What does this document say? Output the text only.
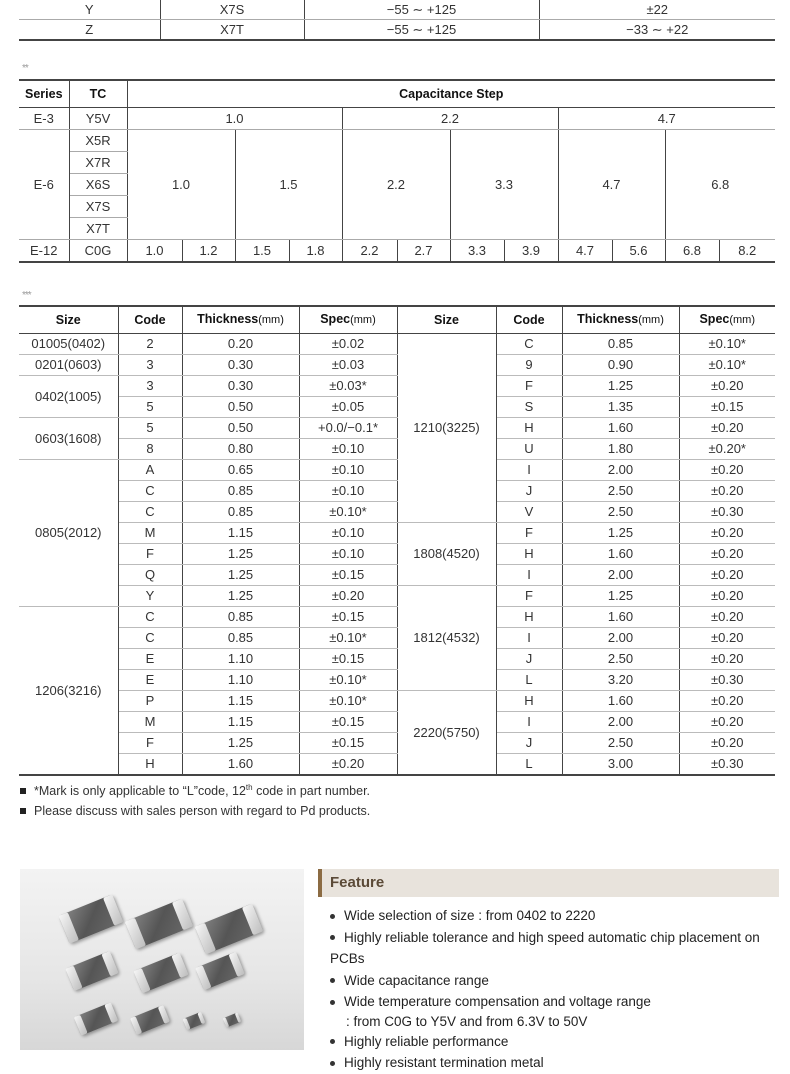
Y	X7S	−55 ∼ +125	±22
Z	X7T	−55 ∼ +125	−33 ∼ +22
**
Series	TC	Capacitance Step											
E-3	Y5V	1.0				2.2				4.7			
E-6	X5R	1.0		1.5		2.2		3.3		4.7		6.8	
	X7R												
	X6S												
	X7S												
	X7T												
E-12	C0G	1.0	1.2	1.5	1.8	2.2	2.7	3.3	3.9	4.7	5.6	6.8	8.2
***
Size	Code	Thickness(mm)	Spec(mm)	Size	Code	Thickness(mm)	Spec(mm)
01005(0402)	2	0.20	±0.02	1210(3225)	C	0.85	±0.10*
0201(0603)	3	0.30	±0.03		9	0.90	±0.10*
0402(1005)	3	0.30	±0.03*		F	1.25	±0.20
	5	0.50	±0.05		S	1.35	±0.15
0603(1608)	5	0.50	+0.0/−0.1*		H	1.60	±0.20
	8	0.80	±0.10		U	1.80	±0.20*
0805(2012)	A	0.65	±0.10		I	2.00	±0.20
	C	0.85	±0.10		J	2.50	±0.20
	C	0.85	±0.10*		V	2.50	±0.30
	M	1.15	±0.10	1808(4520)	F	1.25	±0.20
	F	1.25	±0.10		H	1.60	±0.20
	Q	1.25	±0.15		I	2.00	±0.20
	Y	1.25	±0.20	1812(4532)	F	1.25	±0.20
1206(3216)	C	0.85	±0.15		H	1.60	±0.20
	C	0.85	±0.10*		I	2.00	±0.20
	E	1.10	±0.15		J	2.50	±0.20
	E	1.10	±0.10*		L	3.20	±0.30
	P	1.15	±0.10*	2220(5750)	H	1.60	±0.20
	M	1.15	±0.15		I	2.00	±0.20
	F	1.25	±0.15		J	2.50	±0.20
	H	1.60	±0.20		L	3.00	±0.30
*Mark is only applicable to “L”code, 12th code in part number.
Please discuss with sales person with regard to Pd products.
Feature
Wide selection of size : from 0402 to 2220
Highly reliable tolerance and high speed automatic chip placement on PCBs
Wide capacitance range
Wide temperature compensation and voltage range
: from C0G to Y5V and from 6.3V to 50V
Highly reliable performance
Highly resistant termination metal
